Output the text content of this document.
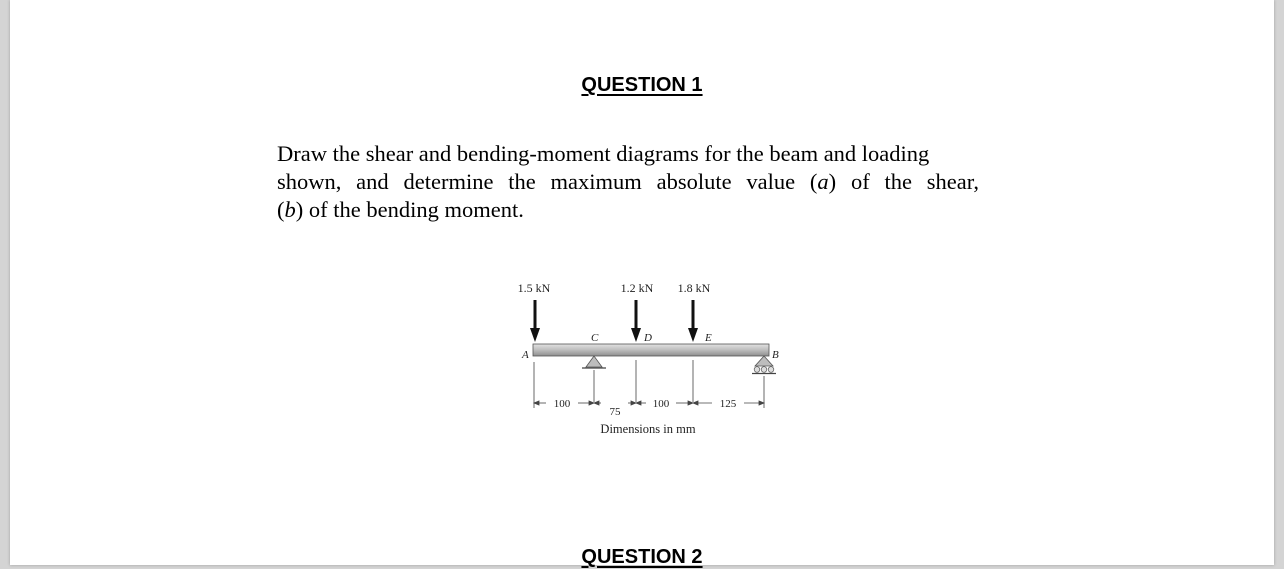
QUESTION 1
Draw the shear and bending-moment diagrams for the beam and loading
shown, and determine the maximum absolute value (a) of the shear,
(b) of the bending moment.
1.5 kN	1.2 kN 1.8 kN
A
C	D	E
B
100
75
100	125
Dimensions in mm
QUESTION 2
